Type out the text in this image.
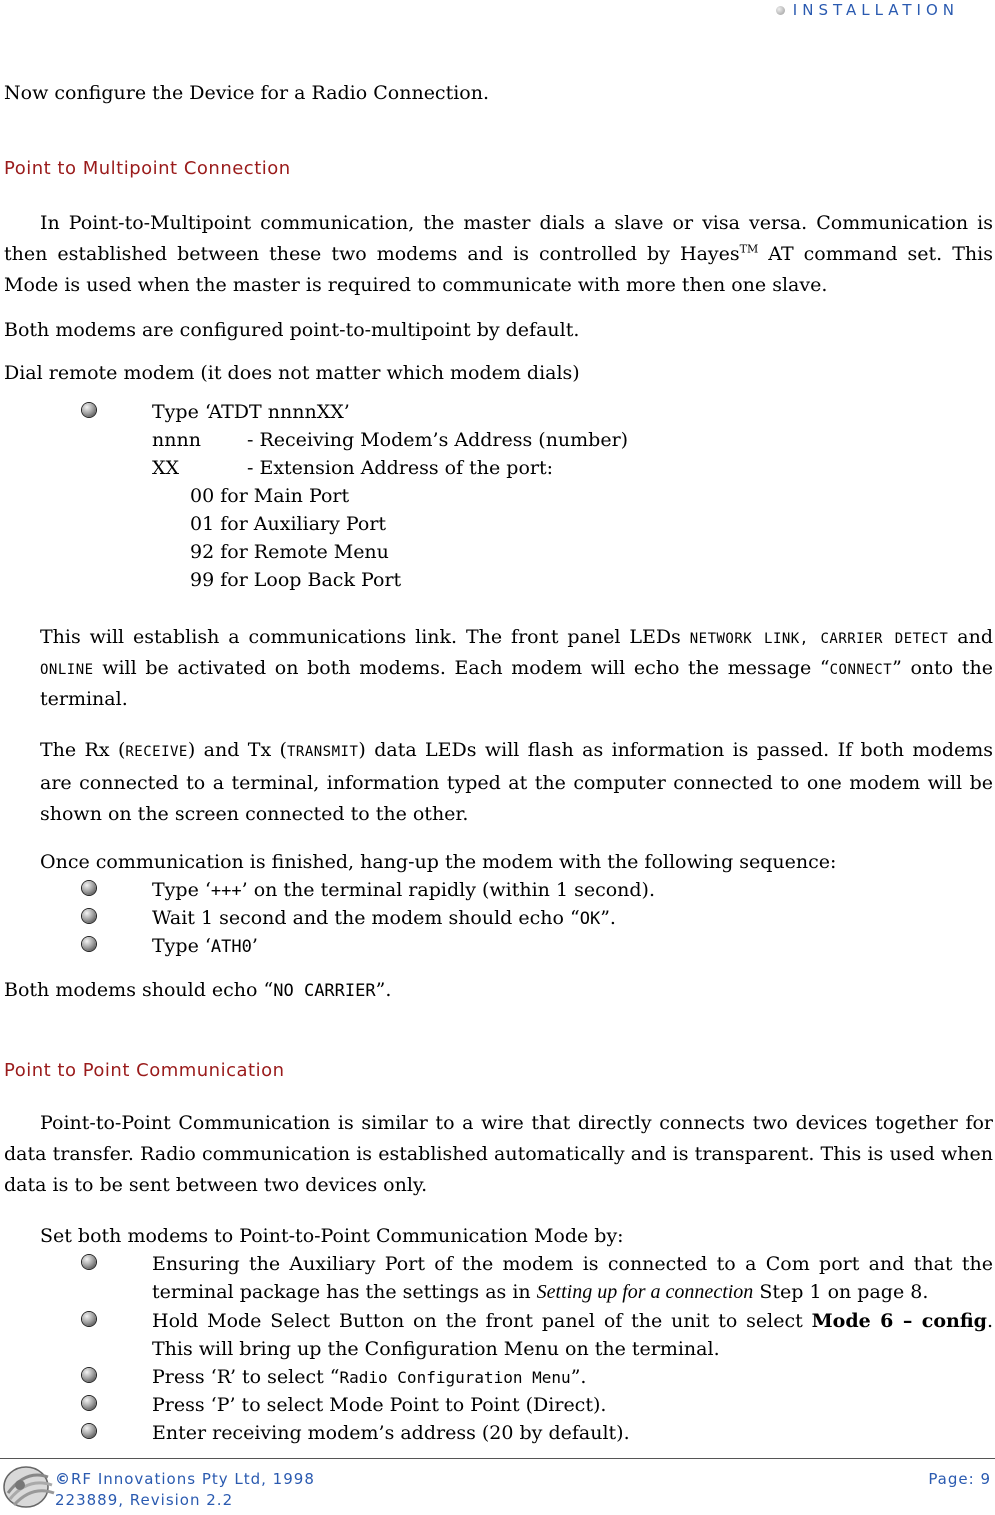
INSTALLATION
Now configure the Device for a Radio Connection.
Point to Multipoint Connection
In Point-to-Multipoint communication, the master dials a slave or visa versa. Communication is then established between these two modems and is controlled by Hayes™ AT command set. This Mode is used when the master is required to communicate with more then one slave.
Both modems are configured point-to-multipoint by default.
Dial remote modem (it does not matter which modem dials)
Type ‘ATDT nnnnXX’
nnnn - Receiving Modem’s Address (number)
XX	- Extension Address of the port:
00 for Main Port
01 for Auxiliary Port
92 for Remote Menu
99 for Loop Back Port
This will establish a communications link. The front panel LEDs NETWORK LINK, CARRIER DETECT and ONLINE will be activated on both modems. Each modem will echo the message “CONNECT” onto the terminal.
The Rx (RECEIVE) and Tx (TRANSMIT) data LEDs will flash as information is passed. If both modems are connected to a terminal, information typed at the computer connected to one modem will be shown on the screen connected to the other.
Once communication is finished, hang-up the modem with the following sequence:
Type ‘+++’ on the terminal rapidly (within 1 second).
Wait 1 second and the modem should echo “OK”.
Type ‘ATH0’
Both modems should echo “NO CARRIER”.
Point to Point Communication
Point-to-Point Communication is similar to a wire that directly connects two devices together for data transfer. Radio communication is established automatically and is transparent. This is used when data is to be sent between two devices only.
Set both modems to Point-to-Point Communication Mode by:
Ensuring the Auxiliary Port of the modem is connected to a Com port and that the terminal package has the settings as in Setting up for a connection Step 1 on page 8.
Hold Mode Select Button on the front panel of the unit to select Mode 6 – config. This will bring up the Configuration Menu on the terminal.
Press ‘R’ to select “Radio Configuration Menu”.
Press ‘P’ to select Mode Point to Point (Direct).
Enter receiving modem’s address (20 by default).
©RF Innovations Pty Ltd, 1998
223889, Revision 2.2
Page: 9
